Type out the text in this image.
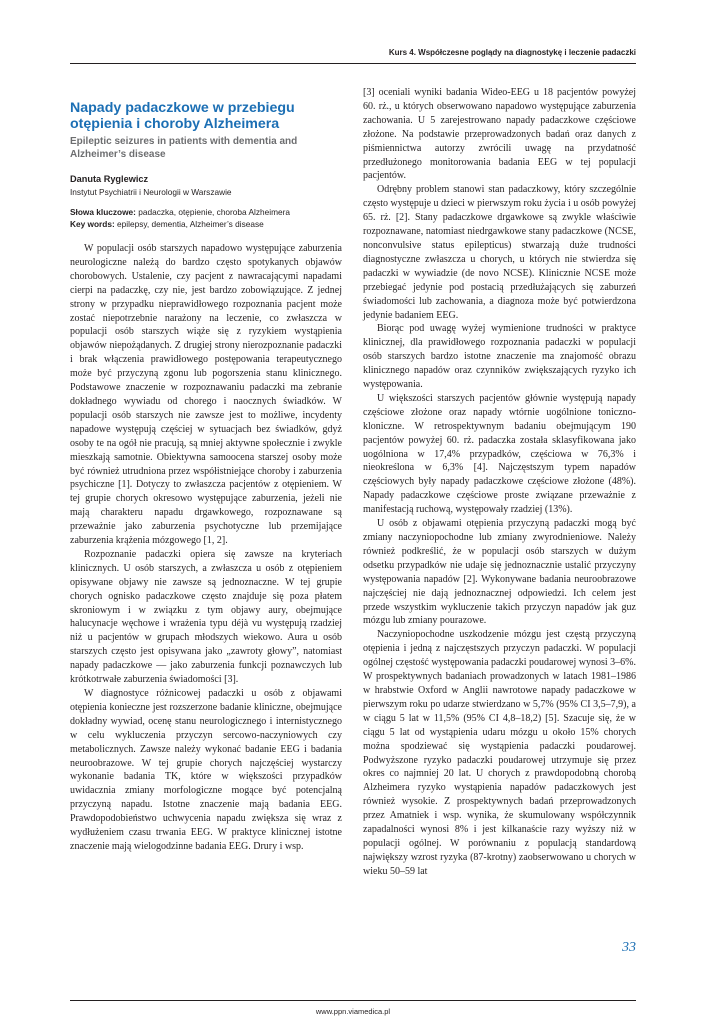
Kurs 4. Współczesne poglądy na diagnostykę i leczenie padaczki
Napady padaczkowe w przebiegu otępienia i choroby Alzheimera
Epileptic seizures in patients with dementia and Alzheimer’s disease
Danuta Ryglewicz
Instytut Psychiatrii i Neurologii w Warszawie
Słowa kluczowe: padaczka, otępienie, choroba Alzheimera
Key words: epilepsy, dementia, Alzheimer’s disease

W populacji osób starszych napadowo występujące zaburzenia neurologiczne należą do bardzo często spotykanych objawów chorobowych. Ustalenie, czy pacjent z nawracającymi napadami cierpi na padaczkę, czy nie, jest bardzo zobowiązujące. Z jednej strony w przypadku nieprawidłowego rozpoznania pacjent może zostać niepotrzebnie narażony na leczenie, co zwłaszcza w populacji osób starszych wiąże się z ryzykiem wystąpienia objawów niepożądanych. Z drugiej strony nierozpoznanie padaczki i brak włączenia prawidłowego postępowania terapeutycznego może być przyczyną zgonu lub pogorszenia stanu klinicznego. Podstawowe znaczenie w rozpoznawaniu padaczki ma zebranie dokładnego wywiadu od chorego i naocznych świadków. W populacji osób starszych nie zawsze jest to możliwe, incydenty napadowe występują częściej w sytuacjach bez świadków, gdyż osoby te na ogół nie pracują, są mniej aktywne społecznie i zwykle mieszkają samotnie. Obiektywna samoocena starszej osoby może być również utrudniona przez współistniejące choroby i zaburzenia psychiczne [1]. Dotyczy to zwłaszcza pacjentów z otępieniem. W tej grupie chorych okresowo występujące zaburzenia, jeżeli nie mają charakteru napadu drgawkowego, rozpoznawane są przeważnie jako zaburzenia psychotyczne lub przemijające zaburzenia krążenia mózgowego [1, 2].

Rozpoznanie padaczki opiera się zawsze na kryteriach klinicznych. U osób starszych, a zwłaszcza u osób z otępieniem opisywane objawy nie zawsze są jednoznaczne. W tej grupie chorych ognisko padaczkowe często znajduje się poza płatem skroniowym i w związku z tym objawy aury, obejmujące halucynacje węchowe i wrażenia typu déjà vu występują rzadziej niż u pacjentów w grupach młodszych wiekowo. Aura u osób starszych często jest opisywana jako „zawroty głowy”, natomiast napady padaczkowe — jako zaburzenia funkcji poznawczych lub krótkotrwałe zaburzenia świadomości [3].

W diagnostyce różnicowej padaczki u osób z objawami otępienia konieczne jest rozszerzone badanie kliniczne, obejmujące dokładny wywiad, ocenę stanu neurologicznego i internistycznego w celu wykluczenia przyczyn sercowo-naczyniowych czy metabolicznych. Zawsze należy wykonać badanie EEG i badania neuroobrazowe. W tej grupie chorych najczęściej wystarczy wykonanie badania TK, które w większości przypadków uwidacznia zmiany morfologiczne mogące być potencjalną przyczyną napadu. Istotne znaczenie mają badania EEG. Prawdopodobieństwo uchwycenia napadu zwiększa się wraz z wydłużeniem czasu trwania EEG. W praktyce klinicznej istotne znaczenie mają wielogodzinne badania EEG. Drury i wsp.

[3] oceniali wyniki badania Wideo-EEG u 18 pacjentów powyżej 60. rż., u których obserwowano napadowo występujące zaburzenia zachowania. U 5 zarejestrowano napady padaczkowe częściowe złożone. Na podstawie przeprowadzonych badań oraz danych z piśmiennictwa autorzy zwrócili uwagę na przydatność przedłużonego monitorowania badania EEG w tej populacji pacjentów.

Odrębny problem stanowi stan padaczkowy, który szczególnie często występuje u dzieci w pierwszym roku życia i u osób powyżej 65. rż. [2]. Stany padaczkowe drgawkowe są zwykle właściwie rozpoznawane, natomiast niedrgawkowe stany padaczkowe (NCSE, nonconvulsive status epilepticus) stwarzają duże trudności diagnostyczne zwłaszcza u chorych, u których nie stwierdza się padaczki w wywiadzie (de novo NCSE). Klinicznie NCSE może przebiegać jedynie pod postacią przedłużających się zaburzeń świadomości lub zachowania, a diagnoza może być potwierdzona jedynie badaniem EEG.

Biorąc pod uwagę wyżej wymienione trudności w praktyce klinicznej, dla prawidłowego rozpoznania padaczki w populacji osób starszych bardzo istotne znaczenie ma znajomość obrazu klinicznego napadów oraz czynników zwiększających ryzyko ich występowania.

U większości starszych pacjentów głównie występują napady częściowe złożone oraz napady wtórnie uogólnione toniczno-kloniczne. W retrospektywnym badaniu obejmującym 190 pacjentów powyżej 60. rż. padaczka została sklasyfikowana jako uogólniona w 17,4% przypadków, częściowa w 76,3% i nieokreślona w 6,3% [4]. Najczęstszym typem napadów częściowych były napady padaczkowe częściowe złożone (48%). Napady padaczkowe częściowe proste związane przeważnie z manifestacją ruchową, występowały rzadziej (13%).

U osób z objawami otępienia przyczyną padaczki mogą być zmiany naczyniopochodne lub zmiany zwyrodnieniowe. Należy również podkreślić, że w populacji osób starszych w dużym odsetku przypadków nie udaje się jednoznacznie ustalić przyczyny występowania napadów [2]. Wykonywane badania neuroobrazowe najczęściej nie dają jednoznacznej odpowiedzi. Ich celem jest przede wszystkim wykluczenie takich przyczyn napadów jak guz mózgu lub zmiany pourazowe.

Naczyniopochodne uszkodzenie mózgu jest częstą przyczyną otępienia i jedną z najczęstszych przyczyn padaczki. W populacji ogólnej częstość występowania padaczki poudarowej wynosi 3–6%. W prospektywnych badaniach prowadzonych w latach 1981–1986 w hrabstwie Oxford w Anglii nawrotowe napady padaczkowe w pierwszym roku po udarze stwierdzano w 5,7% (95% CI 3,5–7,9), a w ciągu 5 lat w 11,5% (95% CI 4,8–18,2) [5]. Szacuje się, że w ciągu 5 lat od wystąpienia udaru mózgu u około 15% chorych można spodziewać się wystąpienia padaczki poudarowej. Podwyższone ryzyko padaczki poudarowej utrzymuje się przez okres co najmniej 20 lat. U chorych z prawdopodobną chorobą Alzheimera ryzyko wystąpienia napadów padaczkowych jest również wysokie. Z prospektywnych badań przeprowadzonych przez Amatniek i wsp. wynika, że skumulowany współczynnik zapadalności wynosi 8% i jest kilkanaście razy wyższy niż w populacji ogólnej. W porównaniu z populacją standardową największy wzrost ryzyka (87-krotny) zaobserwowano u chorych w wieku 50–59 lat

33
www.ppn.viamedica.pl
